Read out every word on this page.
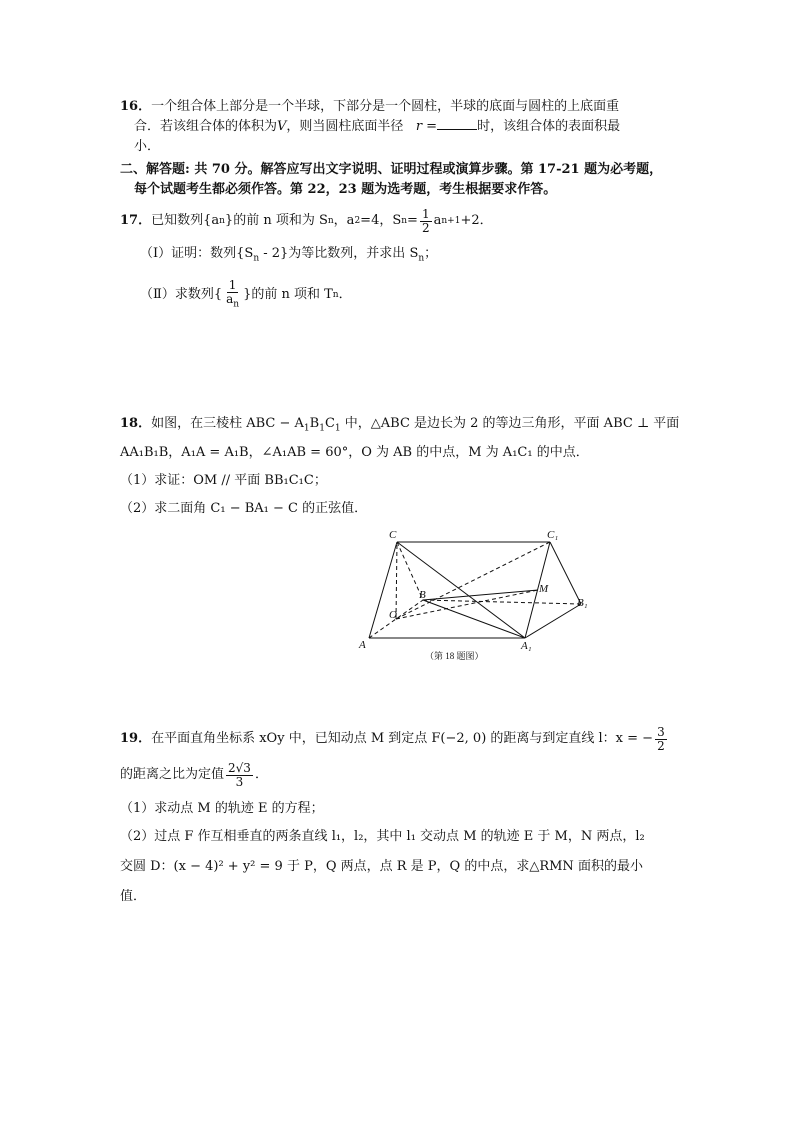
16．一个组合体上部分是一个半球，下部分是一个圆柱，半球的底面与圆柱的上底面重
合．若该组合体的体积为V，则当圆柱底面半径 r =	时，该组合体的表面积最
小．
二、解答题: 共 70 分。解答应写出文字说明、证明过程或演算步骤。第 17-21 题为必考题，
每个试题考生都必须作答。第 22，23 题为选考题，考生根据要求作答。
17． 已知数列{a n }的前 n 项和为 S n ，a 2 =4，S $n = \frac{1}{2}$ a n+1 +2．
（Ⅰ）证明：数列$\{S_n - 2\}$为等比数列，并求出 $S_n$；
（Ⅱ）求数列{ $\frac{1}{a_n}$ }的前 n 项和 T n ．
18．如图，在三棱柱 ABC − $A_1B_1C_1$ 中，△ABC 是边长为 2 的等边三角形，平面 ABC ⊥ 平面
AA₁B₁B，A₁A = A₁B，∠A₁AB = 60°，O 为 AB 的中点，M 为 A₁C₁ 的中点．
（1）求证：OM // 平面 BB₁C₁C；
（2）求二面角 C₁ − BA₁ − C 的正弦值．
C	C₁
M
B
B₁
O
A	A₁
（第 18 题图）
19． 在平面直角坐标系 xOy 中，已知动点 M 到定点 F(−2, 0) 的距离与到定直线 l：x = − $\frac{3}{2}$
的距离之比为定值 $\frac{2√3}{3}$ ．
（1）求动点 M 的轨迹 E 的方程；
（2）过点 F 作互相垂直的两条直线 l₁，l₂，其中 l₁ 交动点 M 的轨迹 E 于 M，N 两点，l₂
交圆 D：(x − 4)² + y² = 9 于 P，Q 两点，点 R 是 P，Q 的中点，求△RMN 面积的最小
值．
